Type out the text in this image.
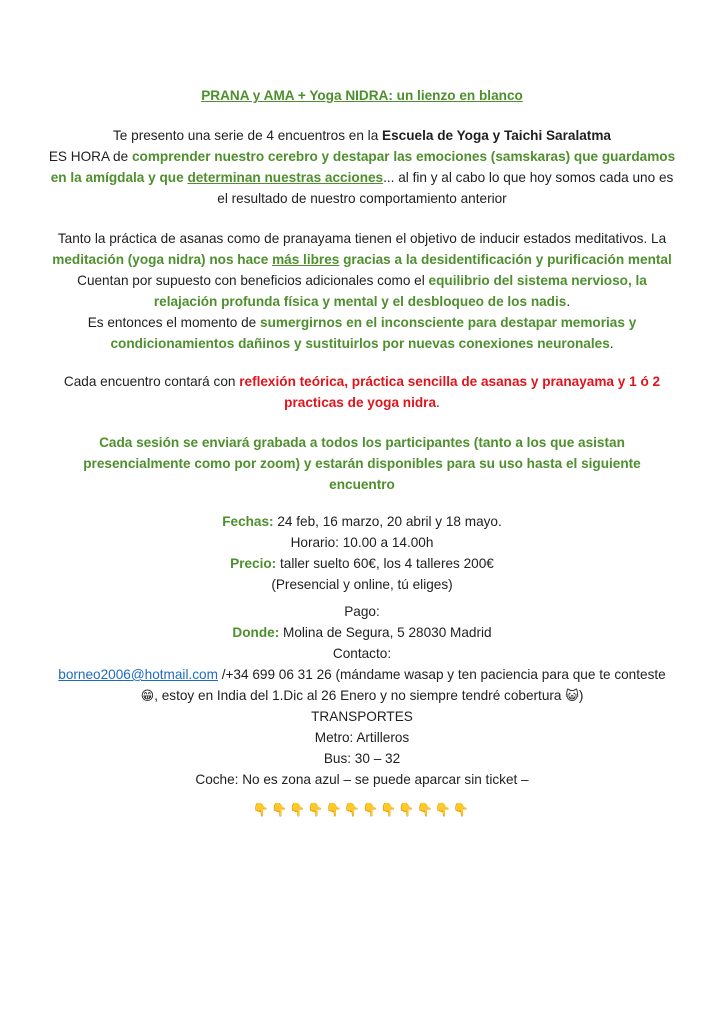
PRANA y AMA + Yoga NIDRA: un lienzo en blanco
Te presento una serie de 4 encuentros en la Escuela de Yoga y Taichi Saralatma
ES HORA de comprender nuestro cerebro y destapar las emociones (samskaras) que guardamos
en la amígdala y que determinan nuestras acciones... al fin y al cabo lo que hoy somos cada uno es
el resultado de nuestro comportamiento anterior
Tanto la práctica de asanas como de pranayama tienen el objetivo de inducir estados meditativos. La
meditación (yoga nidra) nos hace más libres gracias a la desidentificación y purificación mental
Cuentan por supuesto con beneficios adicionales como el equilibrio del sistema nervioso, la
relajación profunda física y mental y el desbloqueo de los nadis.
Es entonces el momento de sumergirnos en el inconsciente para destapar memorias y
condicionamientos dañinos y sustituirlos por nuevas conexiones neuronales.
Cada encuentro contará con reflexión teórica, práctica sencilla de asanas y pranayama y 1 ó 2
practicas de yoga nidra.
Cada sesión se enviará grabada a todos los participantes (tanto a los que asistan
presencialmente como por zoom) y estarán disponibles para su uso hasta el siguiente
encuentro
Fechas: 24 feb, 16 marzo, 20 abril y 18 mayo.
Horario: 10.00 a 14.00h
Precio: taller suelto 60€, los 4 talleres 200€
(Presencial y online, tú eliges)
Pago:
Donde: Molina de Segura, 5 28030 Madrid
Contacto:
borneo2006@hotmail.com /+34 699 06 31 26 (mándame wasap y ten paciencia para que te conteste
😁, estoy en India del 1.Dic al 26 Enero y no siempre tendré cobertura 😺)
TRANSPORTES
Metro: Artilleros
Bus: 30 – 32
Coche: No es zona azul – se puede aparcar sin ticket –
👇👇👇👇👇👇👇👇👇👇👇👇
